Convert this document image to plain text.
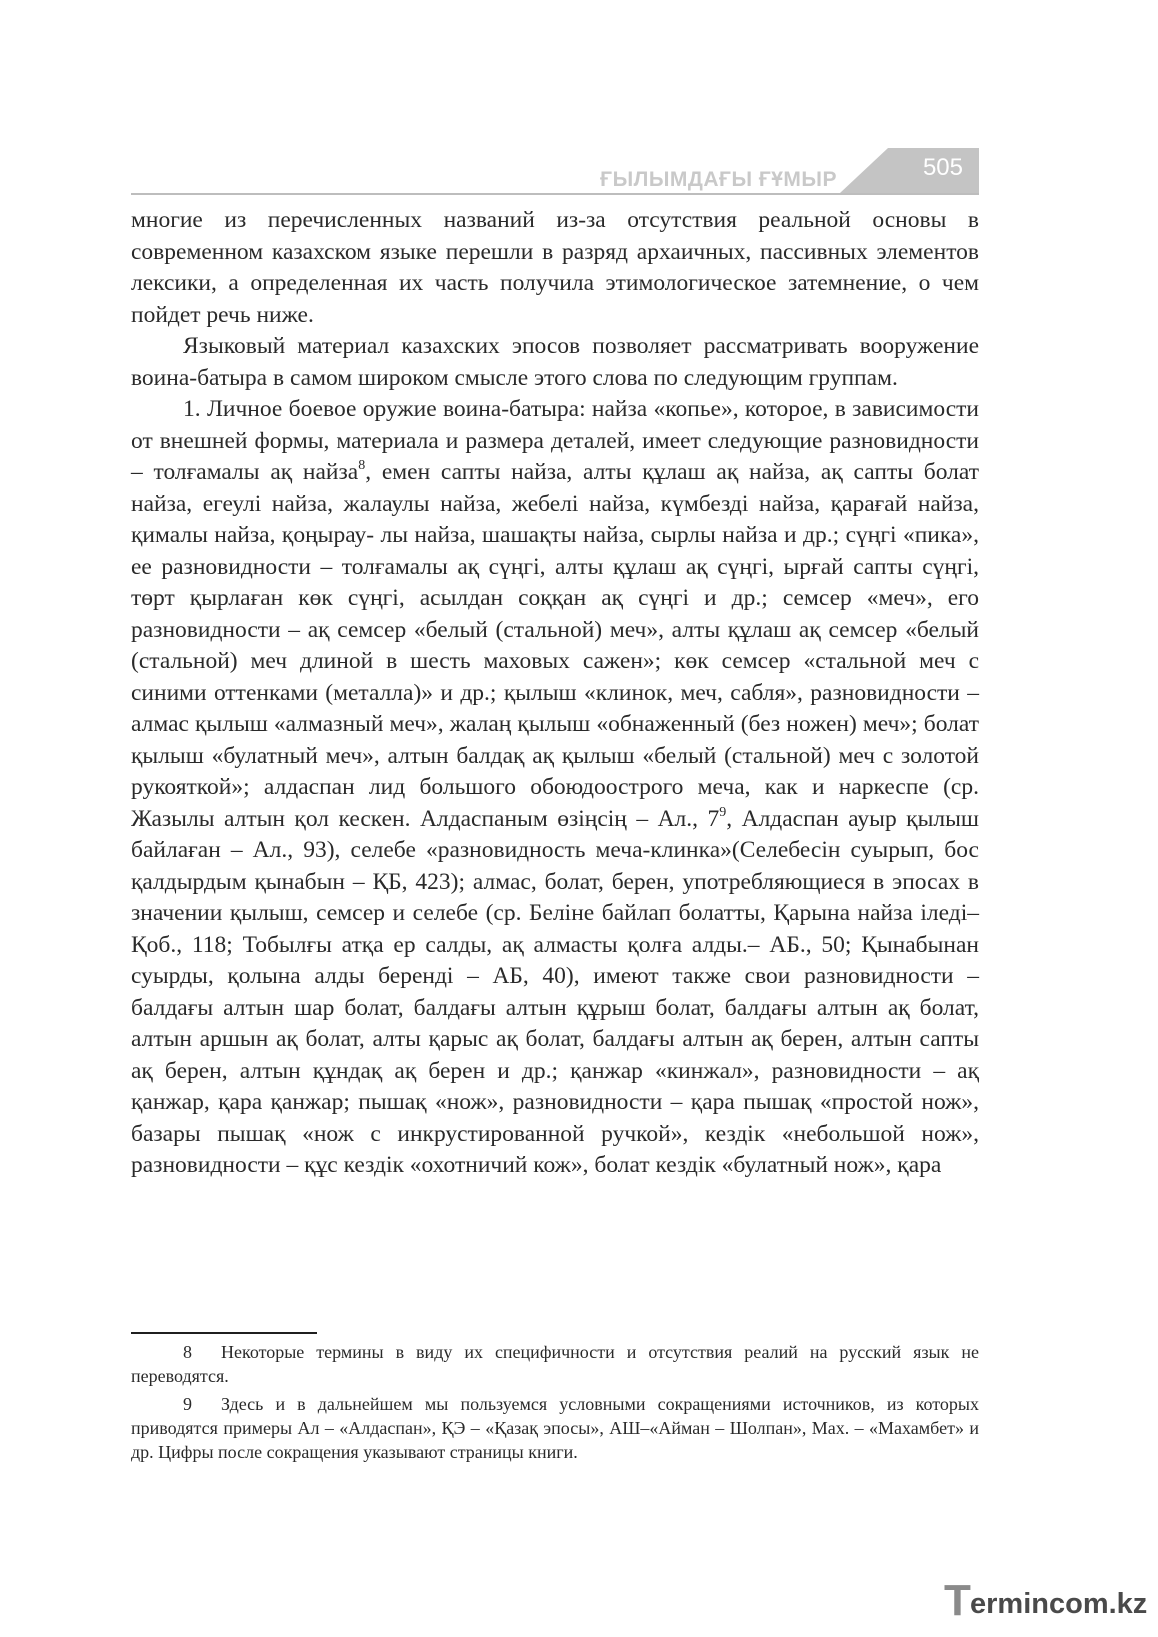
ҒЫЛЫМДАҒЫ ҒҰМЫР	505

многие из перечисленных названий из-за отсутствия реальной основы в современном казахском языке перешли в разряд архаичных, пассивных элементов лексики, а определенная их часть получила этимологическое затемнение, о чем пойдет речь ниже.

Языковый материал казахских эпосов позволяет рассматривать вооружение воина-батыра в самом широком смысле этого слова по следующим группам.

1. Личное боевое оружие воина-батыра: найза «копье», которое, в зависимости от внешней формы, материала и размера деталей, имеет следующие разновидности – толғамалы ақ найза$^8$, емен сапты найза, алты құлаш ақ найза, ақ сапты болат найза, егеулі найза, жалаулы найза, жебелі найза, күмбезді найза, қарағай найза, қималы найза, қоңырау- лы найза, шашақты найза, сырлы найза и др.; сүңгі «пика», ее разновидности – толғамалы ақ сүңгі, алты құлаш ақ сүңгі, ырғай сапты сүңгі, төрт қырлаған көк сүңгі, асылдан соққан ақ сүңгі и др.; семсер «меч», его разновидности – ақ семсер «белый (стальной) меч», алты құлаш ақ семсер «белый (стальной) меч длиной в шесть маховых сажен»; көк семсер «стальной меч с синими оттенками (металла)» и др.; қылыш «клинок, меч, сабля», разновидности – алмас қылыш «алмазный меч», жалаң қылыш «обнаженный (без ножен) меч»; болат қылыш «булатный меч», алтын балдақ ақ қылыш «белый (стальной) меч с золотой рукояткой»; алдаспан лид большого обоюдоострого меча, как и наркеспе (ср. Жазылы алтын қол кескен. Алдаспаным өзіңсің – Ал., $7^9$, Алдаспан ауыр қылыш байлаған – Ал., 93), селебе «разновидность меча-клинка»(Селебесін суырып, бос қалдырдым қынабын – ҚБ, 423); алмас, болат, берен, употребляющиеся в эпосах в значении қылыш, семсер и селебе (ср. Беліне байлап болатты, Қарына найза іледі– Қоб., 118; Тобылғы атқа ер салды, ақ алмасты қолға алды.– АБ., 50; Қынабынан суырды, қолына алды беренді – АБ, 40), имеют также свои разновидности – балдағы алтын шар болат, балдағы алтын құрыш болат, балдағы алтын ақ болат, алтын аршын ақ болат, алты қарыс ақ болат, балдағы алтын ақ берен, алтын сапты ақ берен, алтын құндақ ақ берен и др.; қанжар «кинжал», разновидности – ақ қанжар, қара қанжар; пышақ «нож», разновидности – қара пышақ «простой нож», базары пышақ «нож с инкрустированной ручкой», кездік «небольшой нож», разновидности – құс кездік «охотничий кож», болат кездік «булатный нож», қара

8 Некоторые термины в виду их специфичности и отсутствия реалий на русский язык не переводятся.

9 Здесь и в дальнейшем мы пользуемся условными сокращениями источников, из которых приводятся примеры Ал – «Алдаспан», ҚЭ – «Қазақ эпосы», АШ–«Айман – Шолпан», Мах. – «Махамбет» и др. Цифры после сокращения указывают страницы книги.

T ermincom.kz
